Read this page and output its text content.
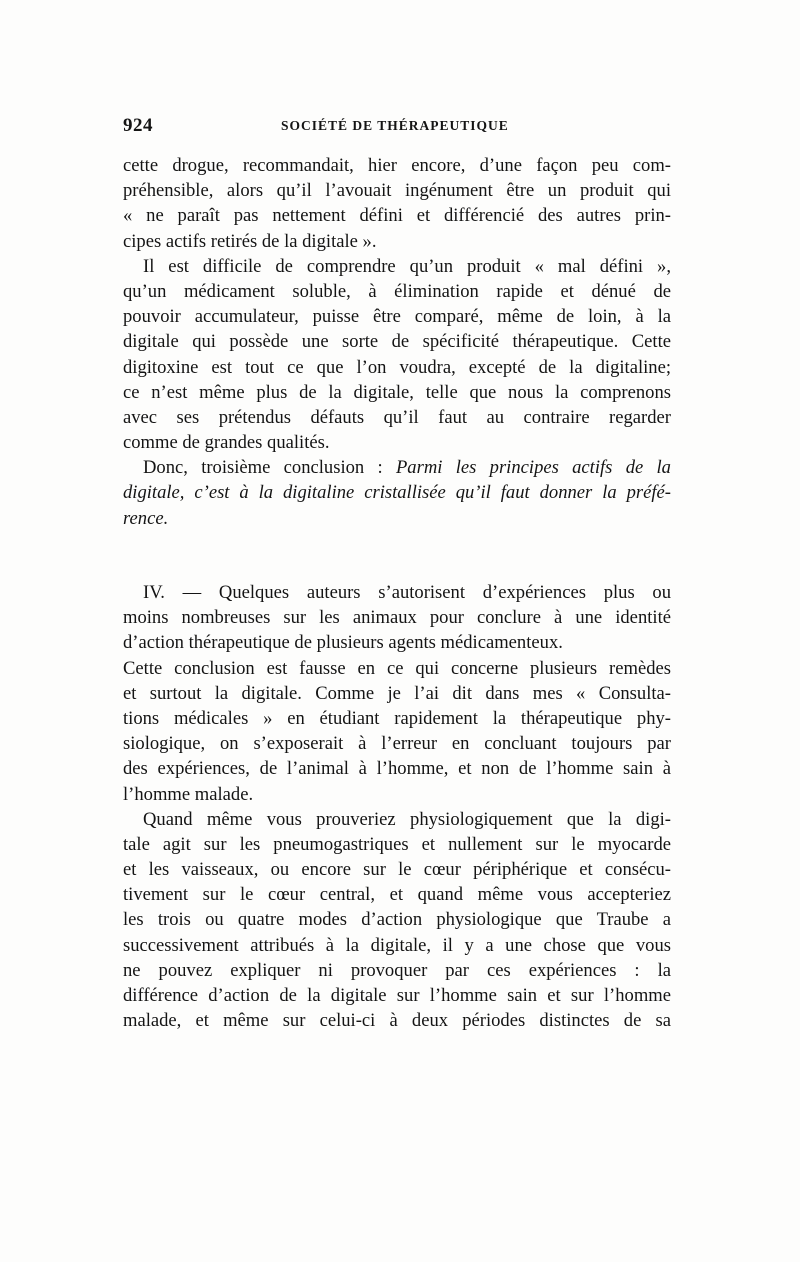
924	SOCIÉTÉ DE THÉRAPEUTIQUE
cette drogue, recommandait, hier encore, d’une façon peu com-
préhensible, alors qu’il l’avouait ingénument être un produit qui
« ne paraît pas nettement défini et différencié des autres prin-
cipes actifs retirés de la digitale ».
Il est difficile de comprendre qu’un produit « mal défini »,
qu’un médicament soluble, à élimination rapide et dénué de
pouvoir accumulateur, puisse être comparé, même de loin, à la
digitale qui possède une sorte de spécificité thérapeutique. Cette
digitoxine est tout ce que l’on voudra, excepté de la digitaline;
ce n’est même plus de la digitale, telle que nous la comprenons
avec ses prétendus défauts qu’il faut au contraire regarder
comme de grandes qualités.
Donc, troisième conclusion : Parmi les principes actifs de la
digitale, c’est à la digitaline cristallisée qu’il faut donner la préfé-
rence.
IV. — Quelques auteurs s’autorisent d’expériences plus ou
moins nombreuses sur les animaux pour conclure à une identité
d’action thérapeutique de plusieurs agents médicamenteux.
Cette conclusion est fausse en ce qui concerne plusieurs remèdes
et surtout la digitale. Comme je l’ai dit dans mes « Consulta-
tions médicales » en étudiant rapidement la thérapeutique phy-
siologique, on s’exposerait à l’erreur en concluant toujours par
des expériences, de l’animal à l’homme, et non de l’homme sain à
l’homme malade.
Quand même vous prouveriez physiologiquement que la digi-
tale agit sur les pneumogastriques et nullement sur le myocarde
et les vaisseaux, ou encore sur le cœur périphérique et consécu-
tivement sur le cœur central, et quand même vous accepteriez
les trois ou quatre modes d’action physiologique que Traube a
successivement attribués à la digitale, il y a une chose que vous
ne pouvez expliquer ni provoquer par ces expériences : la
différence d’action de la digitale sur l’homme sain et sur l’homme
malade, et même sur celui-ci à deux périodes distinctes de sa
